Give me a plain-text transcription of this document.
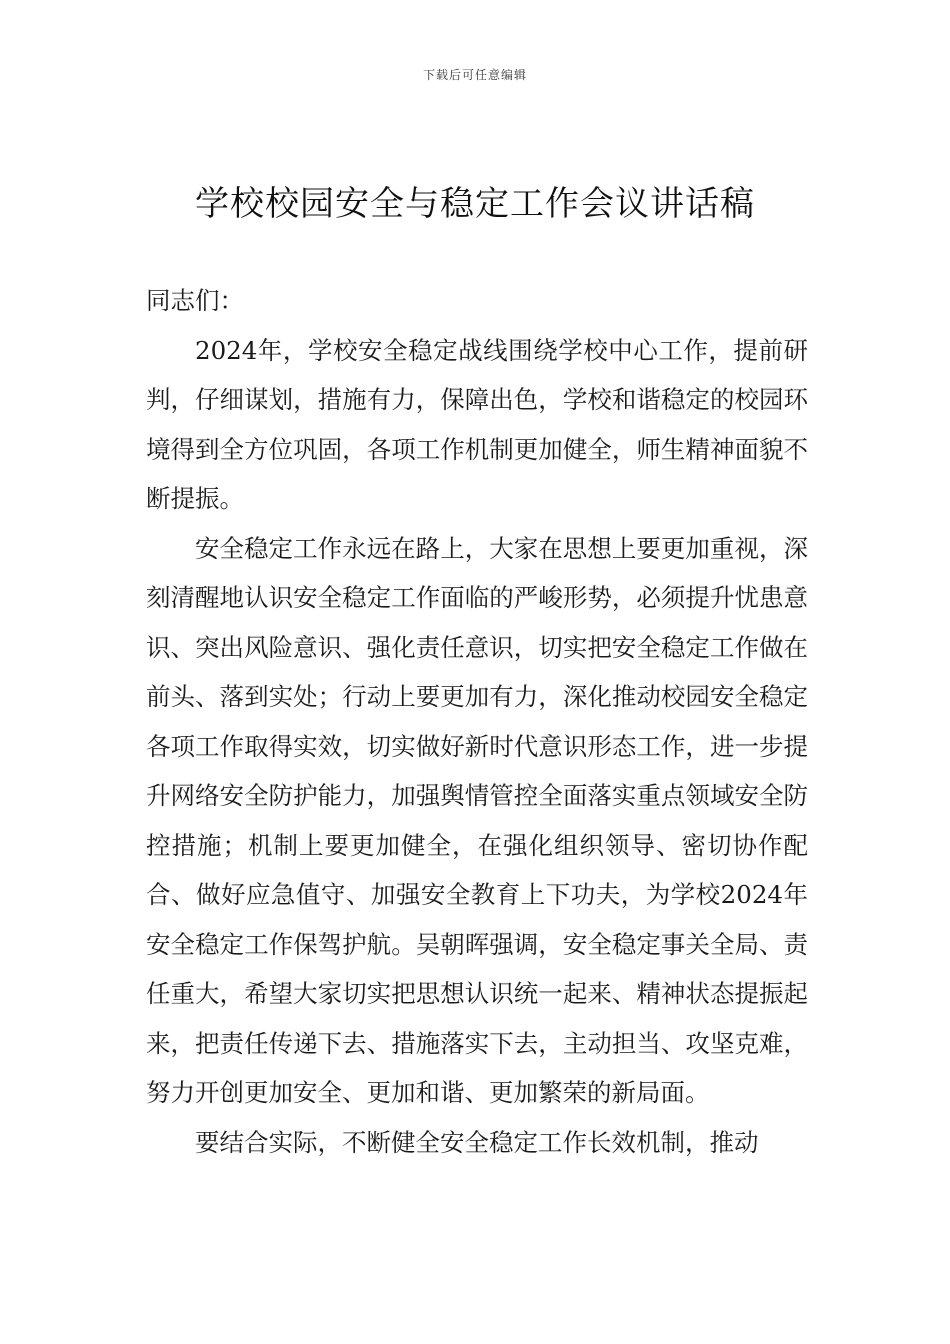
下载后可任意编辑
学校校园安全与稳定工作会议讲话稿

同志们：

2024年，学校安全稳定战线围绕学校中心工作，提前研判，仔细谋划，措施有力，保障出色，学校和谐稳定的校园环境得到全方位巩固，各项工作机制更加健全，师生精神面貌不断提振。

安全稳定工作永远在路上，大家在思想上要更加重视，深刻清醒地认识安全稳定工作面临的严峻形势，必须提升忧患意识、突出风险意识、强化责任意识，切实把安全稳定工作做在前头、落到实处；行动上要更加有力，深化推动校园安全稳定各项工作取得实效，切实做好新时代意识形态工作，进一步提升网络安全防护能力，加强舆情管控全面落实重点领域安全防控措施；机制上要更加健全，在强化组织领导、密切协作配合、做好应急值守、加强安全教育上下功夫，为学校2024年安全稳定工作保驾护航。吴朝晖强调，安全稳定事关全局、责任重大，希望大家切实把思想认识统一起来、精神状态提振起来，把责任传递下去、措施落实下去，主动担当、攻坚克难，努力开创更加安全、更加和谐、更加繁荣的新局面。

要结合实际，不断健全安全稳定工作长效机制，推动
